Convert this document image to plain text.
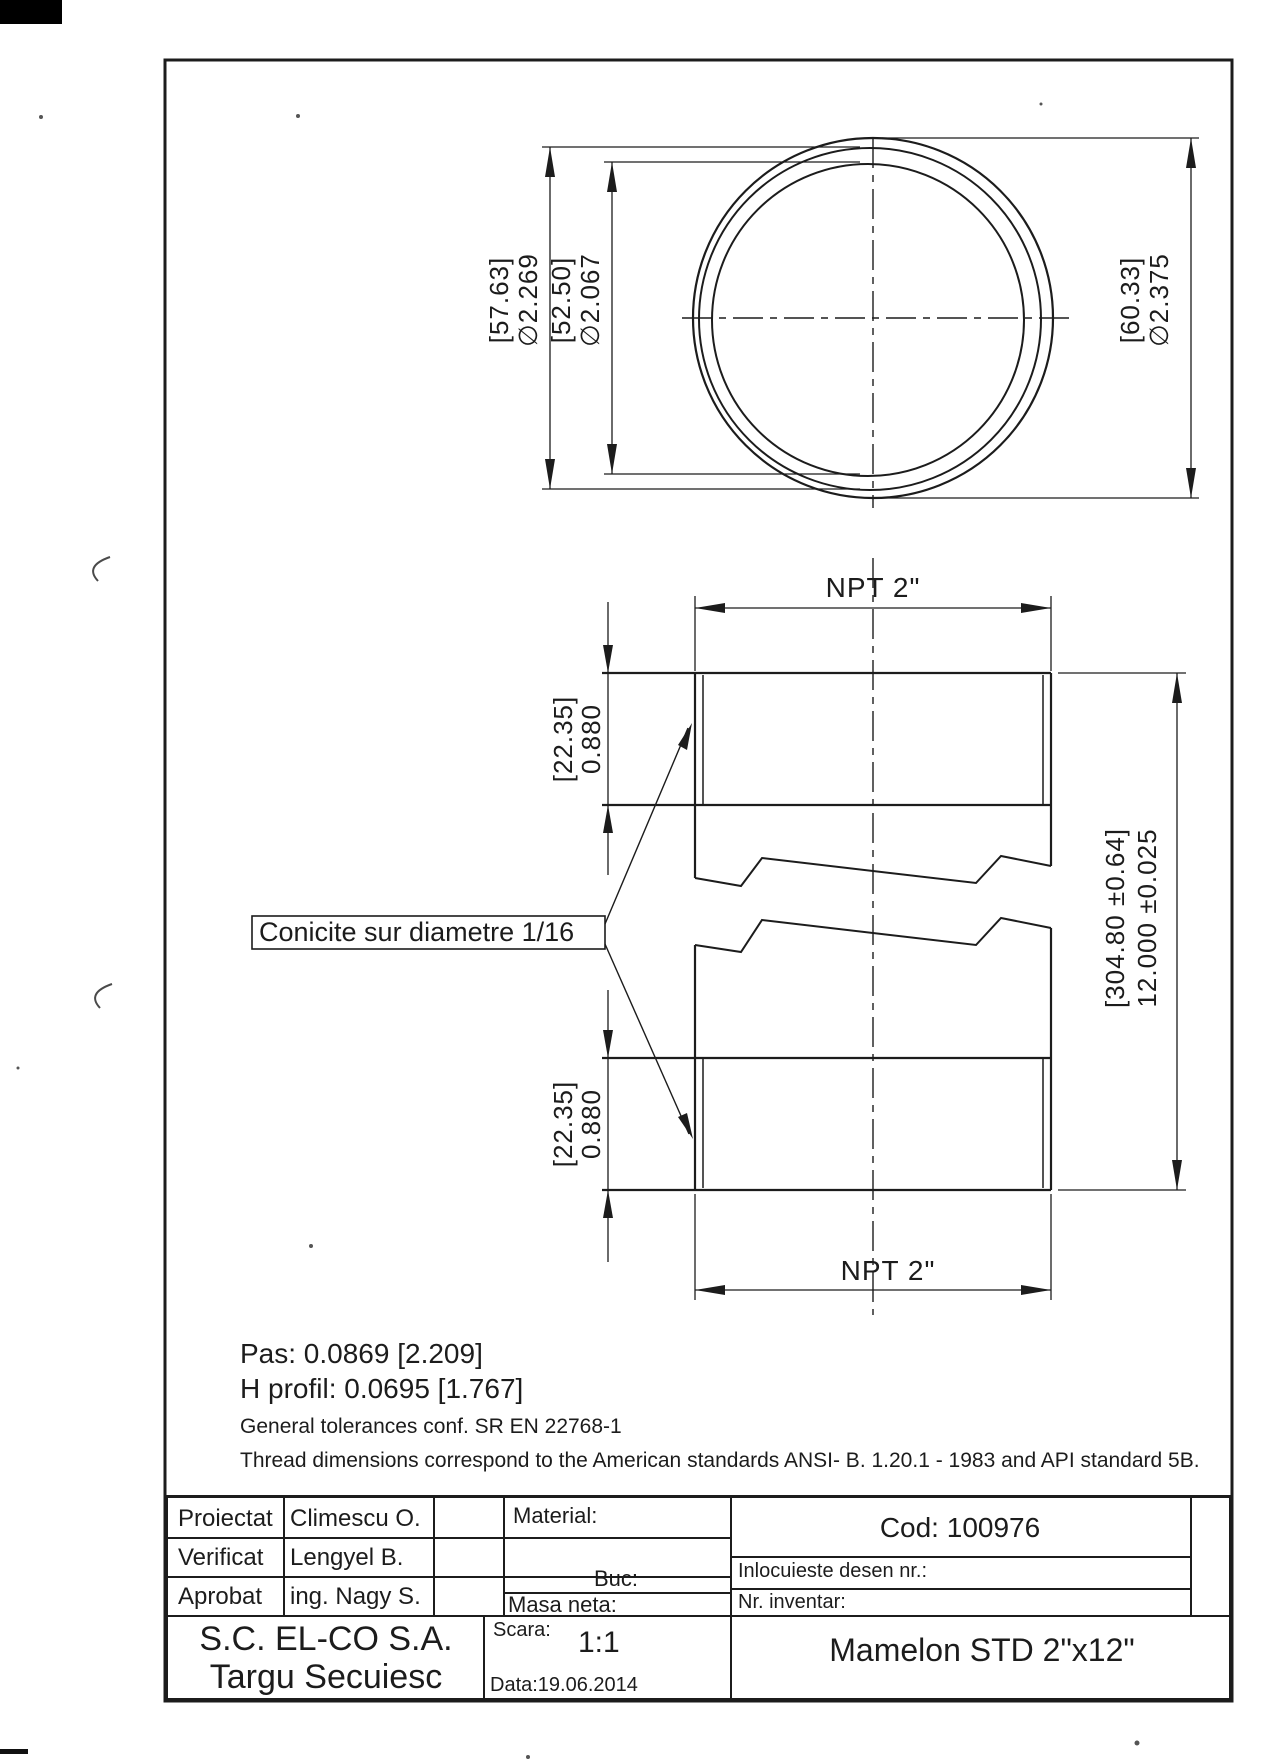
[57.63] ∅2.269 [52.50] ∅2.067	[60.33] ∅2.375
NPT 2"
NPT 2"
[22.35]
0.880
[22.35]
0.880
[304.80 ±0.64] 12.000 ±0.025
Conicite sur diametre 1/16
Pas: 0.0869 [2.209]
H profil: 0.0695 [1.767]
General tolerances conf. SR EN 22768-1
Thread dimensions correspond to the American standards ANSI- B. 1.20.1 - 1983 and API standard 5B.
Proiectat Climescu O.
Verificat Lengyel B.
Aprobat ing. Nagy S.
Material:
Buc:
Masa neta:
Cod: 100976
Inlocuieste desen nr.:
Nr. inventar:
S.C. EL-CO S.A.
Targu Secuiesc
Scara: 1:1
Data:19.06.2014
Mamelon STD 2"x12"
